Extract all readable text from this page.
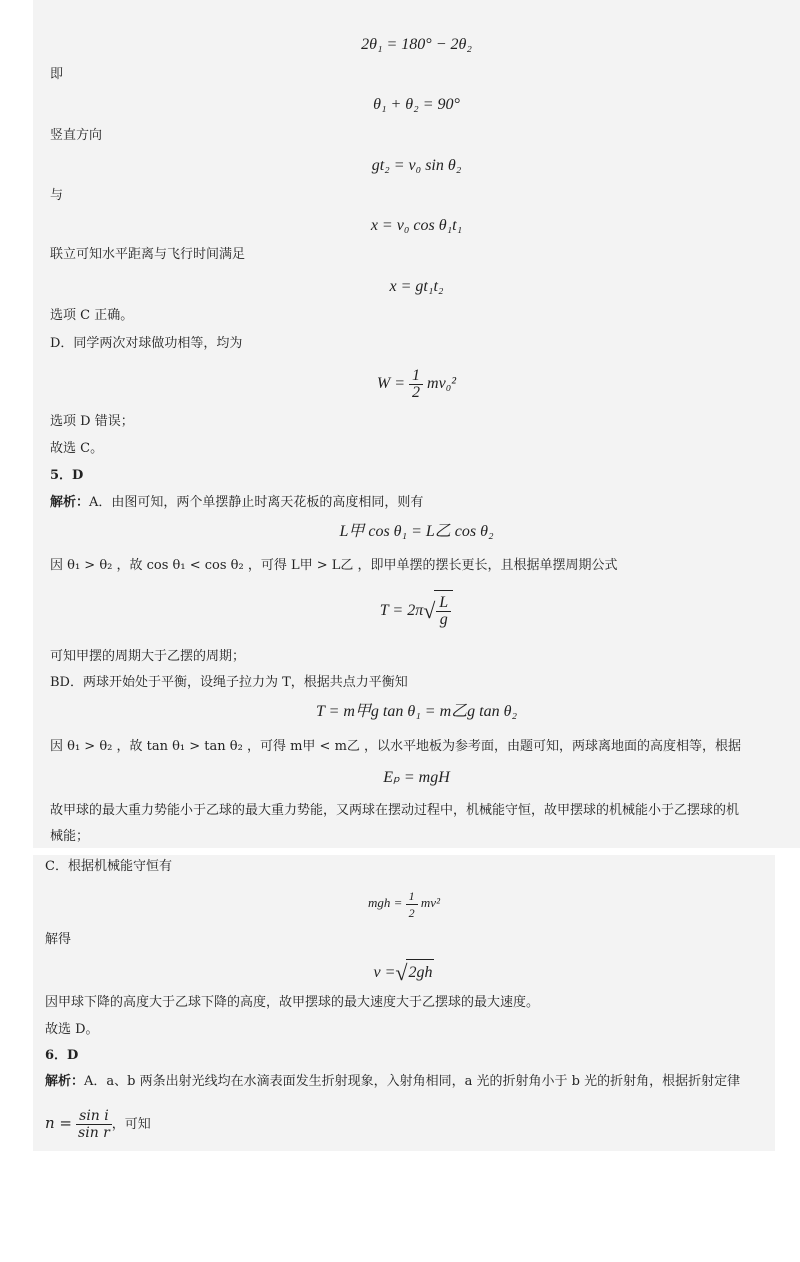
2θ₁ = 180° − 2θ₂
即
θ₁ + θ₂ = 90°
竖直方向
gt₂ = v₀ sin θ₂
与
x = v₀ cos θ₁t₁
联立可知水平距离与飞行时间满足
x = gt₁t₂
选项 C 正确。
D．同学两次对球做功相等，均为
$W = \frac{1}{2} mv_0^2$
选项 D 错误；
故选 C。
5．D
解析：A．由图可知，两个单摆静止时离天花板的高度相同，则有
L甲 cos θ₁ = L乙 cos θ₂
因 θ₁ > θ₂ ，故 cos θ₁ < cos θ₂ ，可得 L甲 > L乙 ，即甲单摆的摆长更长，且根据单摆周期公式
$T = 2\pi√ \frac{L}{g}$
可知甲摆的周期大于乙摆的周期；
BD．两球开始处于平衡，设绳子拉力为 T，根据共点力平衡知
T = m甲g tan θ₁ = m乙g tan θ₂
因 θ₁ > θ₂ ，故 tan θ₁ > tan θ₂ ，可得 m甲 < m乙 ，以水平地板为参考面，由题可知，两球离地面的高度相等，根据
Eₚ = mgH
故甲球的最大重力势能小于乙球的最大重力势能，又两球在摆动过程中，机械能守恒，故甲摆球的机械能小于乙摆球的机
械能；
C．根据机械能守恒有
mgh = $\frac{1}{2} mv^2$
解得
v =√2gh
因甲球下降的高度大于乙球下降的高度，故甲摆球的最大速度大于乙摆球的最大速度。
故选 D。
6．D
解析：A．a、b 两条出射光线均在水滴表面发生折射现象，入射角相同，a 光的折射角小于 b 光的折射角，根据折射定律
$n = \frac{\text{sin i}}{\text{sin r}}$ ，可知
